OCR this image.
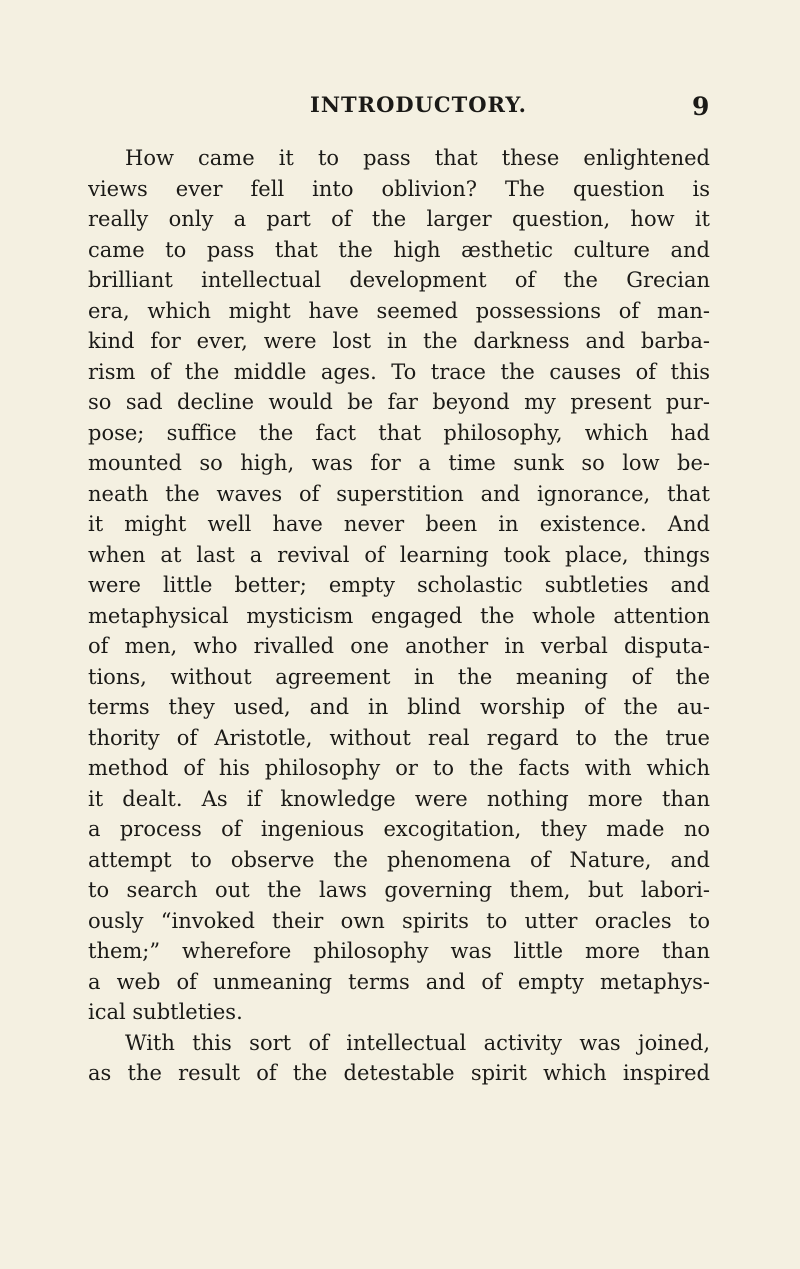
INTRODUCTORY.	9
How came it to pass that these enlightened
views ever fell into oblivion? The question is
really only a part of the larger question, how it
came to pass that the high æsthetic culture and
brilliant intellectual development of the Grecian
era, which might have seemed possessions of man-
kind for ever, were lost in the darkness and barba-
rism of the middle ages. To trace the causes of this
so sad decline would be far beyond my present pur-
pose; suffice the fact that philosophy, which had
mounted so high, was for a time sunk so low be-
neath the waves of superstition and ignorance, that
it might well have never been in existence. And
when at last a revival of learning took place, things
were little better; empty scholastic subtleties and
metaphysical mysticism engaged the whole attention
of men, who rivalled one another in verbal disputa-
tions, without agreement in the meaning of the
terms they used, and in blind worship of the au-
thority of Aristotle, without real regard to the true
method of his philosophy or to the facts with which
it dealt. As if knowledge were nothing more than
a process of ingenious excogitation, they made no
attempt to observe the phenomena of Nature, and
to search out the laws governing them, but labori-
ously “invoked their own spirits to utter oracles to
them;” wherefore philosophy was little more than
a web of unmeaning terms and of empty metaphys-
ical subtleties.
With this sort of intellectual activity was joined,
as the result of the detestable spirit which inspired
